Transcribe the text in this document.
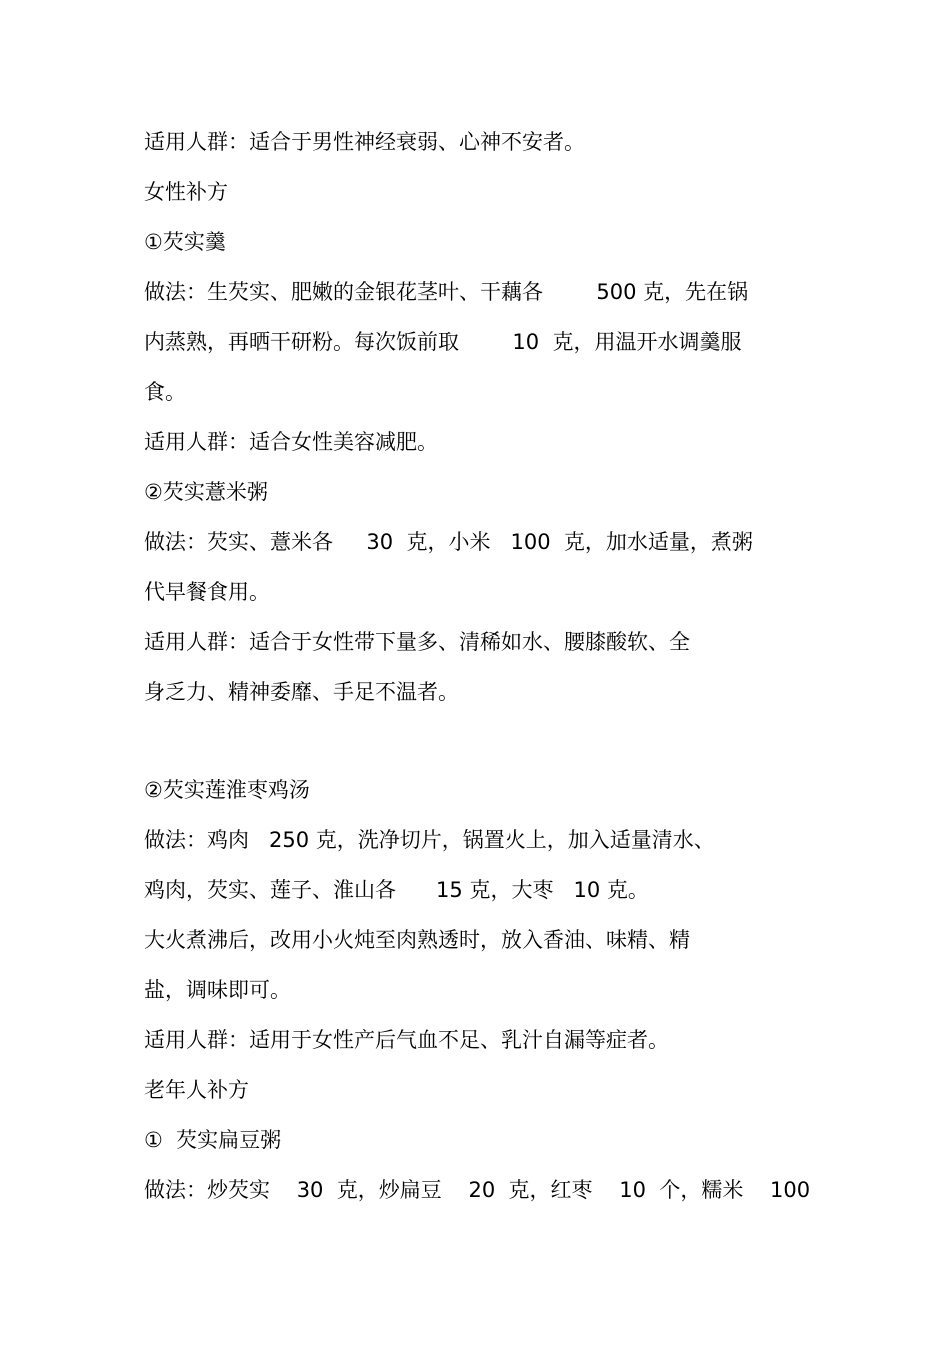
适用人群：适合于男性神经衰弱、心神不安者。
女性补方
①芡实羹
做法：生芡实、肥嫩的金银花茎叶、干藕各        500 克，先在锅
内蒸熟，再晒干研粉。每次饭前取        10  克，用温开水调羹服
食。
适用人群：适合女性美容减肥。
②芡实薏米粥
做法：芡实、薏米各     30  克，小米   100  克，加水适量，煮粥
代早餐食用。
适用人群：适合于女性带下量多、清稀如水、腰膝酸软、全
身乏力、精神委靡、手足不温者。
②芡实莲淮枣鸡汤
做法：鸡肉   250 克，洗净切片，锅置火上，加入适量清水、
鸡肉，芡实、莲子、淮山各      15 克，大枣   10 克。
大火煮沸后，改用小火炖至肉熟透时，放入香油、味精、精
盐，调味即可。
适用人群：适用于女性产后气血不足、乳汁自漏等症者。
老年人补方
①  芡实扁豆粥
做法：炒芡实    30  克，炒扁豆    20  克，红枣    10  个，糯米    100
